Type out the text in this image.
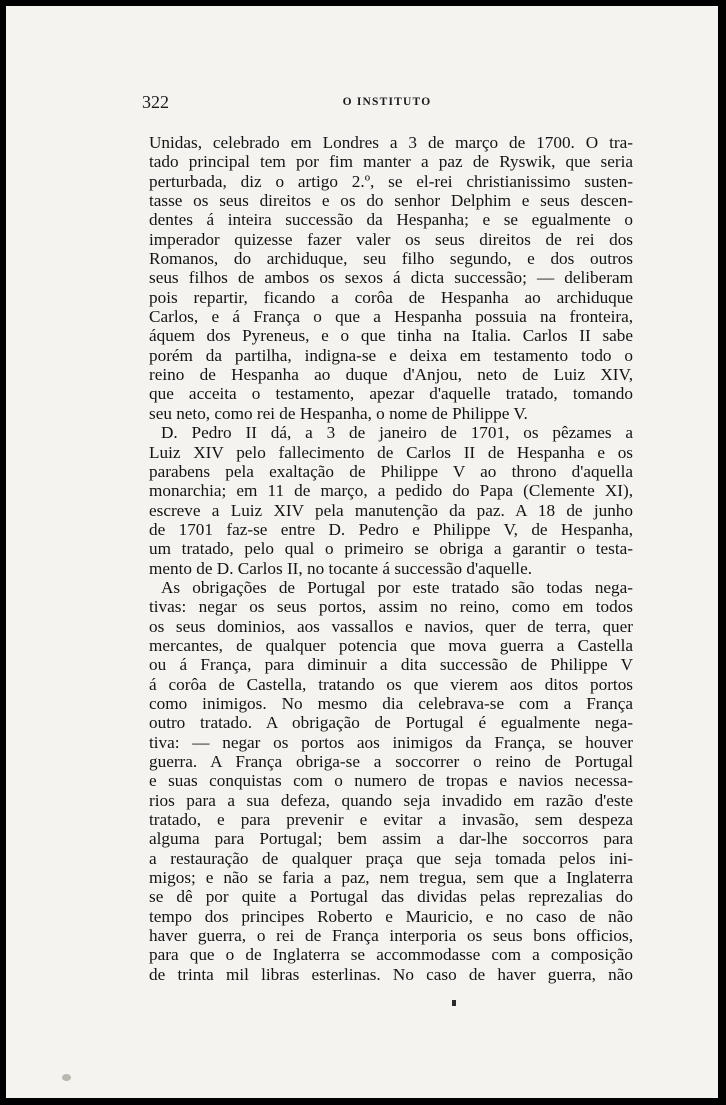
322	O INSTITUTO
Unidas, celebrado em Londres a 3 de março de 1700. O tra-
tado principal tem por fim manter a paz de Ryswik, que seria
perturbada, diz o artigo 2.º, se el-rei christianissimo susten-
tasse os seus direitos e os do senhor Delphim e seus descen-
dentes á inteira successão da Hespanha; e se egualmente o
imperador quizesse fazer valer os seus direitos de rei dos
Romanos, do archiduque, seu filho segundo, e dos outros
seus filhos de ambos os sexos á dicta successão; — deliberam
pois repartir, ficando a corôa de Hespanha ao archiduque
Carlos, e á França o que a Hespanha possuia na fronteira,
áquem dos Pyreneus, e o que tinha na Italia. Carlos II sabe
porém da partilha, indigna-se e deixa em testamento todo o
reino de Hespanha ao duque d'Anjou, neto de Luiz XIV,
que acceita o testamento, apezar d'aquelle tratado, tomando
seu neto, como rei de Hespanha, o nome de Philippe V.
D. Pedro II dá, a 3 de janeiro de 1701, os pêzames a
Luiz XIV pelo fallecimento de Carlos II de Hespanha e os
parabens pela exaltação de Philippe V ao throno d'aquella
monarchia; em 11 de março, a pedido do Papa (Clemente XI),
escreve a Luiz XIV pela manutenção da paz. A 18 de junho
de 1701 faz-se entre D. Pedro e Philippe V, de Hespanha,
um tratado, pelo qual o primeiro se obriga a garantir o testa-
mento de D. Carlos II, no tocante á successão d'aquelle.
As obrigações de Portugal por este tratado são todas nega-
tivas: negar os seus portos, assim no reino, como em todos
os seus dominios, aos vassallos e navios, quer de terra, quer
mercantes, de qualquer potencia que mova guerra a Castella
ou á França, para diminuir a dita successão de Philippe V
á corôa de Castella, tratando os que vierem aos ditos portos
como inimigos. No mesmo dia celebrava-se com a França
outro tratado. A obrigação de Portugal é egualmente nega-
tiva: — negar os portos aos inimigos da França, se houver
guerra. A França obriga-se a soccorrer o reino de Portugal
e suas conquistas com o numero de tropas e navios necessa-
rios para a sua defeza, quando seja invadido em razão d'este
tratado, e para prevenir e evitar a invasão, sem despeza
alguma para Portugal; bem assim a dar-lhe soccorros para
a restauração de qualquer praça que seja tomada pelos ini-
migos; e não se faria a paz, nem tregua, sem que a Inglaterra
se dê por quite a Portugal das dividas pelas reprezalias do
tempo dos principes Roberto e Mauricio, e no caso de não
haver guerra, o rei de França interporia os seus bons officios,
para que o de Inglaterra se accommodasse com a composição
de trinta mil libras esterlinas. No caso de haver guerra, não
